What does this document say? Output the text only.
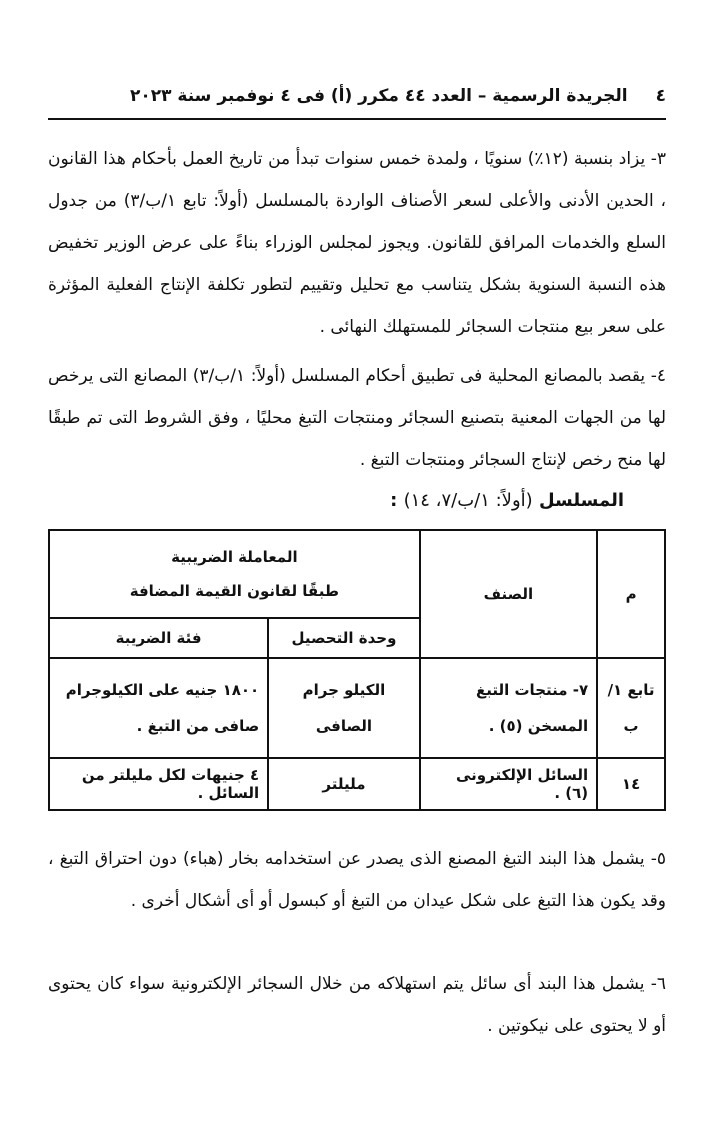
٤
الجريدة الرسمية – العدد ٤٤ مكرر (أ) فى ٤ نوفمبر سنة ٢٠٢٣

٣- يزاد بنسبة (١٢٪) سنويًا ، ولمدة خمس سنوات تبدأ من تاريخ العمل بأحكام هذا القانون ، الحدين الأدنى والأعلى لسعر الأصناف الواردة بالمسلسل (أولاً: تابع ١/ب/٣) من جدول السلع والخدمات المرافق للقانون. ويجوز لمجلس الوزراء بناءً على عرض الوزير تخفيض هذه النسبة السنوية بشكل يتناسب مع تحليل وتقييم لتطور تكلفة الإنتاج الفعلية المؤثرة على سعر بيع منتجات السجائر للمستهلك النهائى .

٤- يقصد بالمصانع المحلية فى تطبيق أحكام المسلسل (أولاً: ١/ب/٣) المصانع التى يرخص لها من الجهات المعنية بتصنيع السجائر ومنتجات التبغ محليًا ، وفق الشروط التى تم طبقًا لها منح رخص لإنتاج السجائر ومنتجات التبغ .

المسلسل (أولاً: ١/ب/٧، ١٤) :
م	الصنف	المعاملة الضريبية
طبقًا لقانون القيمة المضافة	

		وحدة التحصيل	فئة الضريبة
تابع ١/ب	٧- منتجات التبغ المسخن (٥) .	الكيلو جرام الصافى	١٨٠٠ جنيه على الكيلوجرام صافى من التبغ .
١٤	السائل الإلكترونى (٦) .	مليلتر	٤ جنيهات لكل مليلتر من السائل .

٥- يشمل هذا البند التبغ المصنع الذى يصدر عن استخدامه بخار (هباء) دون احتراق التبغ ، وقد يكون هذا التبغ على شكل عيدان من التبغ أو كبسول أو أى أشكال أخرى .

٦- يشمل هذا البند أى سائل يتم استهلاكه من خلال السجائر الإلكترونية سواء كان يحتوى أو لا يحتوى على نيكوتين .
